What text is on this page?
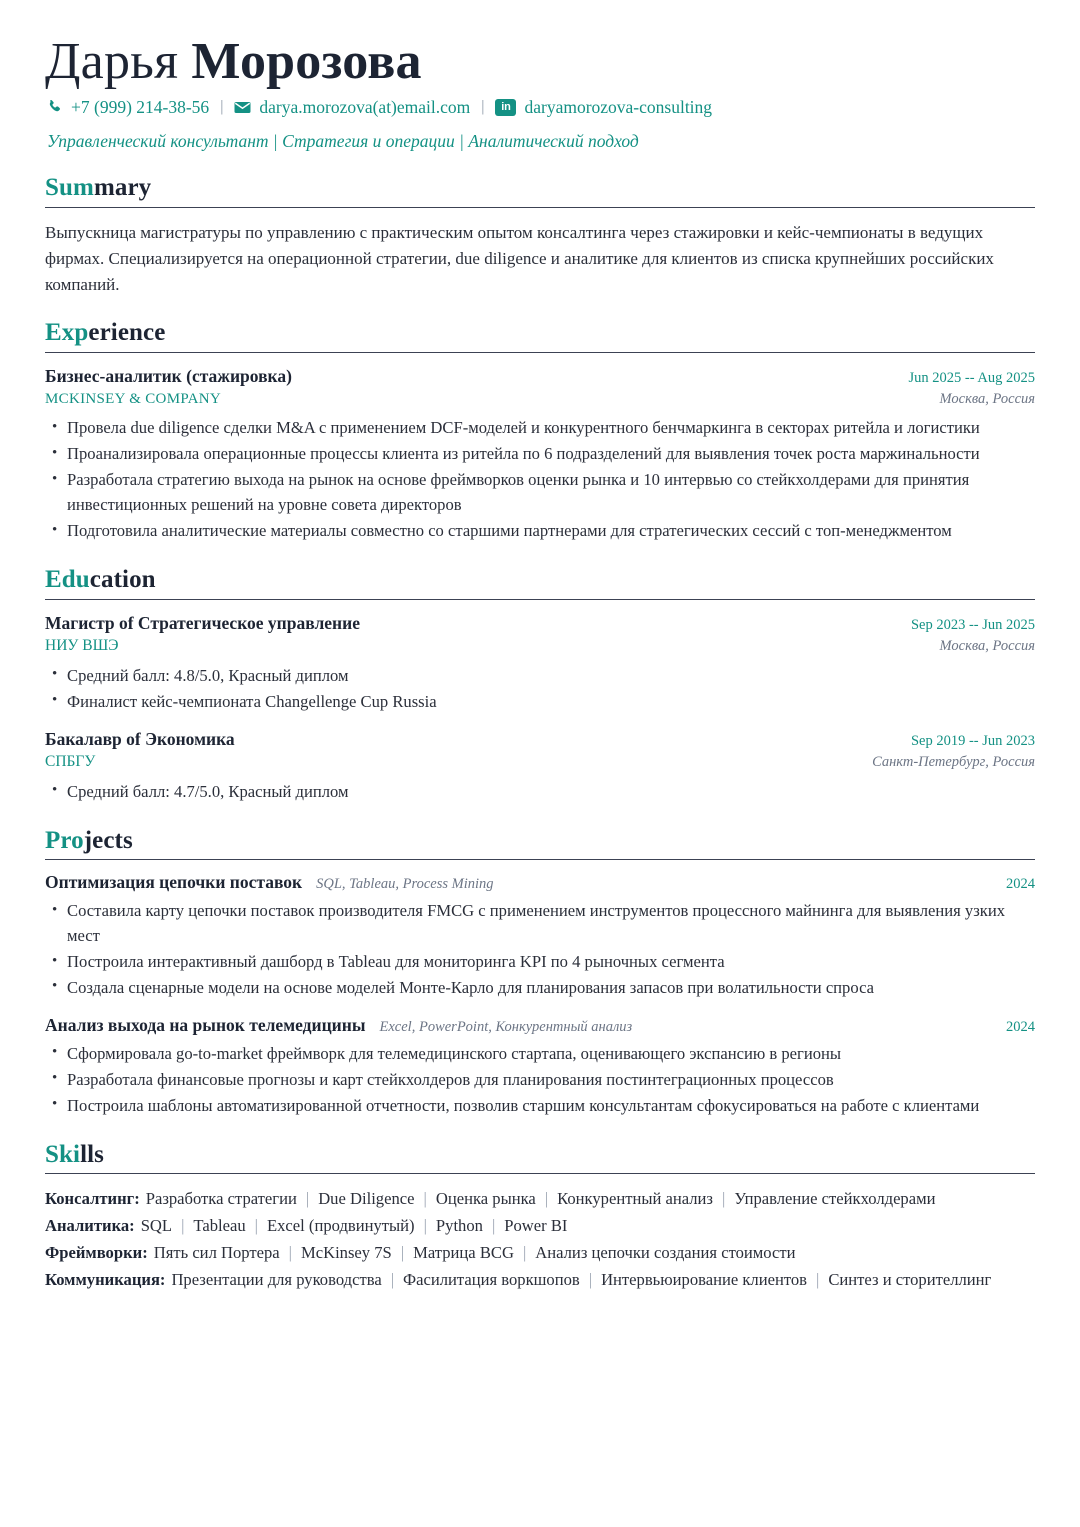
Дарья Морозова
+7 (999) 214-38-56 |	darya.morozova(at)email.com |	in daryamorozova-consulting
Управленческий консультант | Стратегия и операции | Аналитический подход
Summary

Выпускница магистратуры по управлению с практическим опытом консалтинга через стажировки и кейс-чемпионаты в ведущих фирмах. Специализируется на операционной стратегии, due diligence и аналитике для клиентов из списка крупнейших российских компаний.

Experience
Бизнес-аналитик (стажировка)	Jun 2025 -- Aug 2025
MCKINSEY & COMPANY	Москва, Россия
• Провела due diligence сделки M&A с применением DCF-моделей и конкурентного бенчмаркинга в секторах ритейла и логистики
• Проанализировала операционные процессы клиента из ритейла по 6 подразделений для выявления точек роста маржинальности
• Разработала стратегию выхода на рынок на основе фреймворков оценки рынка и 10 интервью со стейкхолдерами для принятия инвестиционных решений на уровне совета директоров
• Подготовила аналитические материалы совместно со старшими партнерами для стратегических сессий с топ-менеджментом
Education
Магистр of Стратегическое управление	Sep 2023 -- Jun 2025
НИУ ВШЭ	Москва, Россия
• Средний балл: 4.8/5.0, Красный диплом
• Финалист кейс-чемпионата Changellenge Cup Russia
Бакалавр of Экономика	Sep 2019 -- Jun 2023
СПБГУ	Санкт-Петербург, Россия
• Средний балл: 4.7/5.0, Красный диплом
Projects
Оптимизация цепочки поставок SQL, Tableau, Process Mining	2024
• Составила карту цепочки поставок производителя FMCG с применением инструментов процессного майнинга для выявления узких мест
• Построила интерактивный дашборд в Tableau для мониторинга KPI по 4 рыночных сегмента
• Создала сценарные модели на основе моделей Монте-Карло для планирования запасов при волатильности спроса
Анализ выхода на рынок телемедицины Excel, PowerPoint, Конкурентный анализ	2024
• Сформировала go-to-market фреймворк для телемедицинского стартапа, оценивающего экспансию в регионы
• Разработала финансовые прогнозы и карт стейкхолдеров для планирования постинтеграционных процессов
• Построила шаблоны автоматизированной отчетности, позволив старшим консультантам сфокусироваться на работе с клиентами
Skills
Консалтинг: Разработка стратегии | Due Diligence | Оценка рынка | Конкурентный анализ | Управление стейкхолдерами
Аналитика: SQL | Tableau | Excel (продвинутый) | Python | Power BI
Фреймворки: Пять сил Портера | McKinsey 7S | Матрица BCG | Анализ цепочки создания стоимости
Коммуникация: Презентации для руководства | Фасилитация воркшопов | Интервьюирование клиентов | Синтез и сторителлинг
